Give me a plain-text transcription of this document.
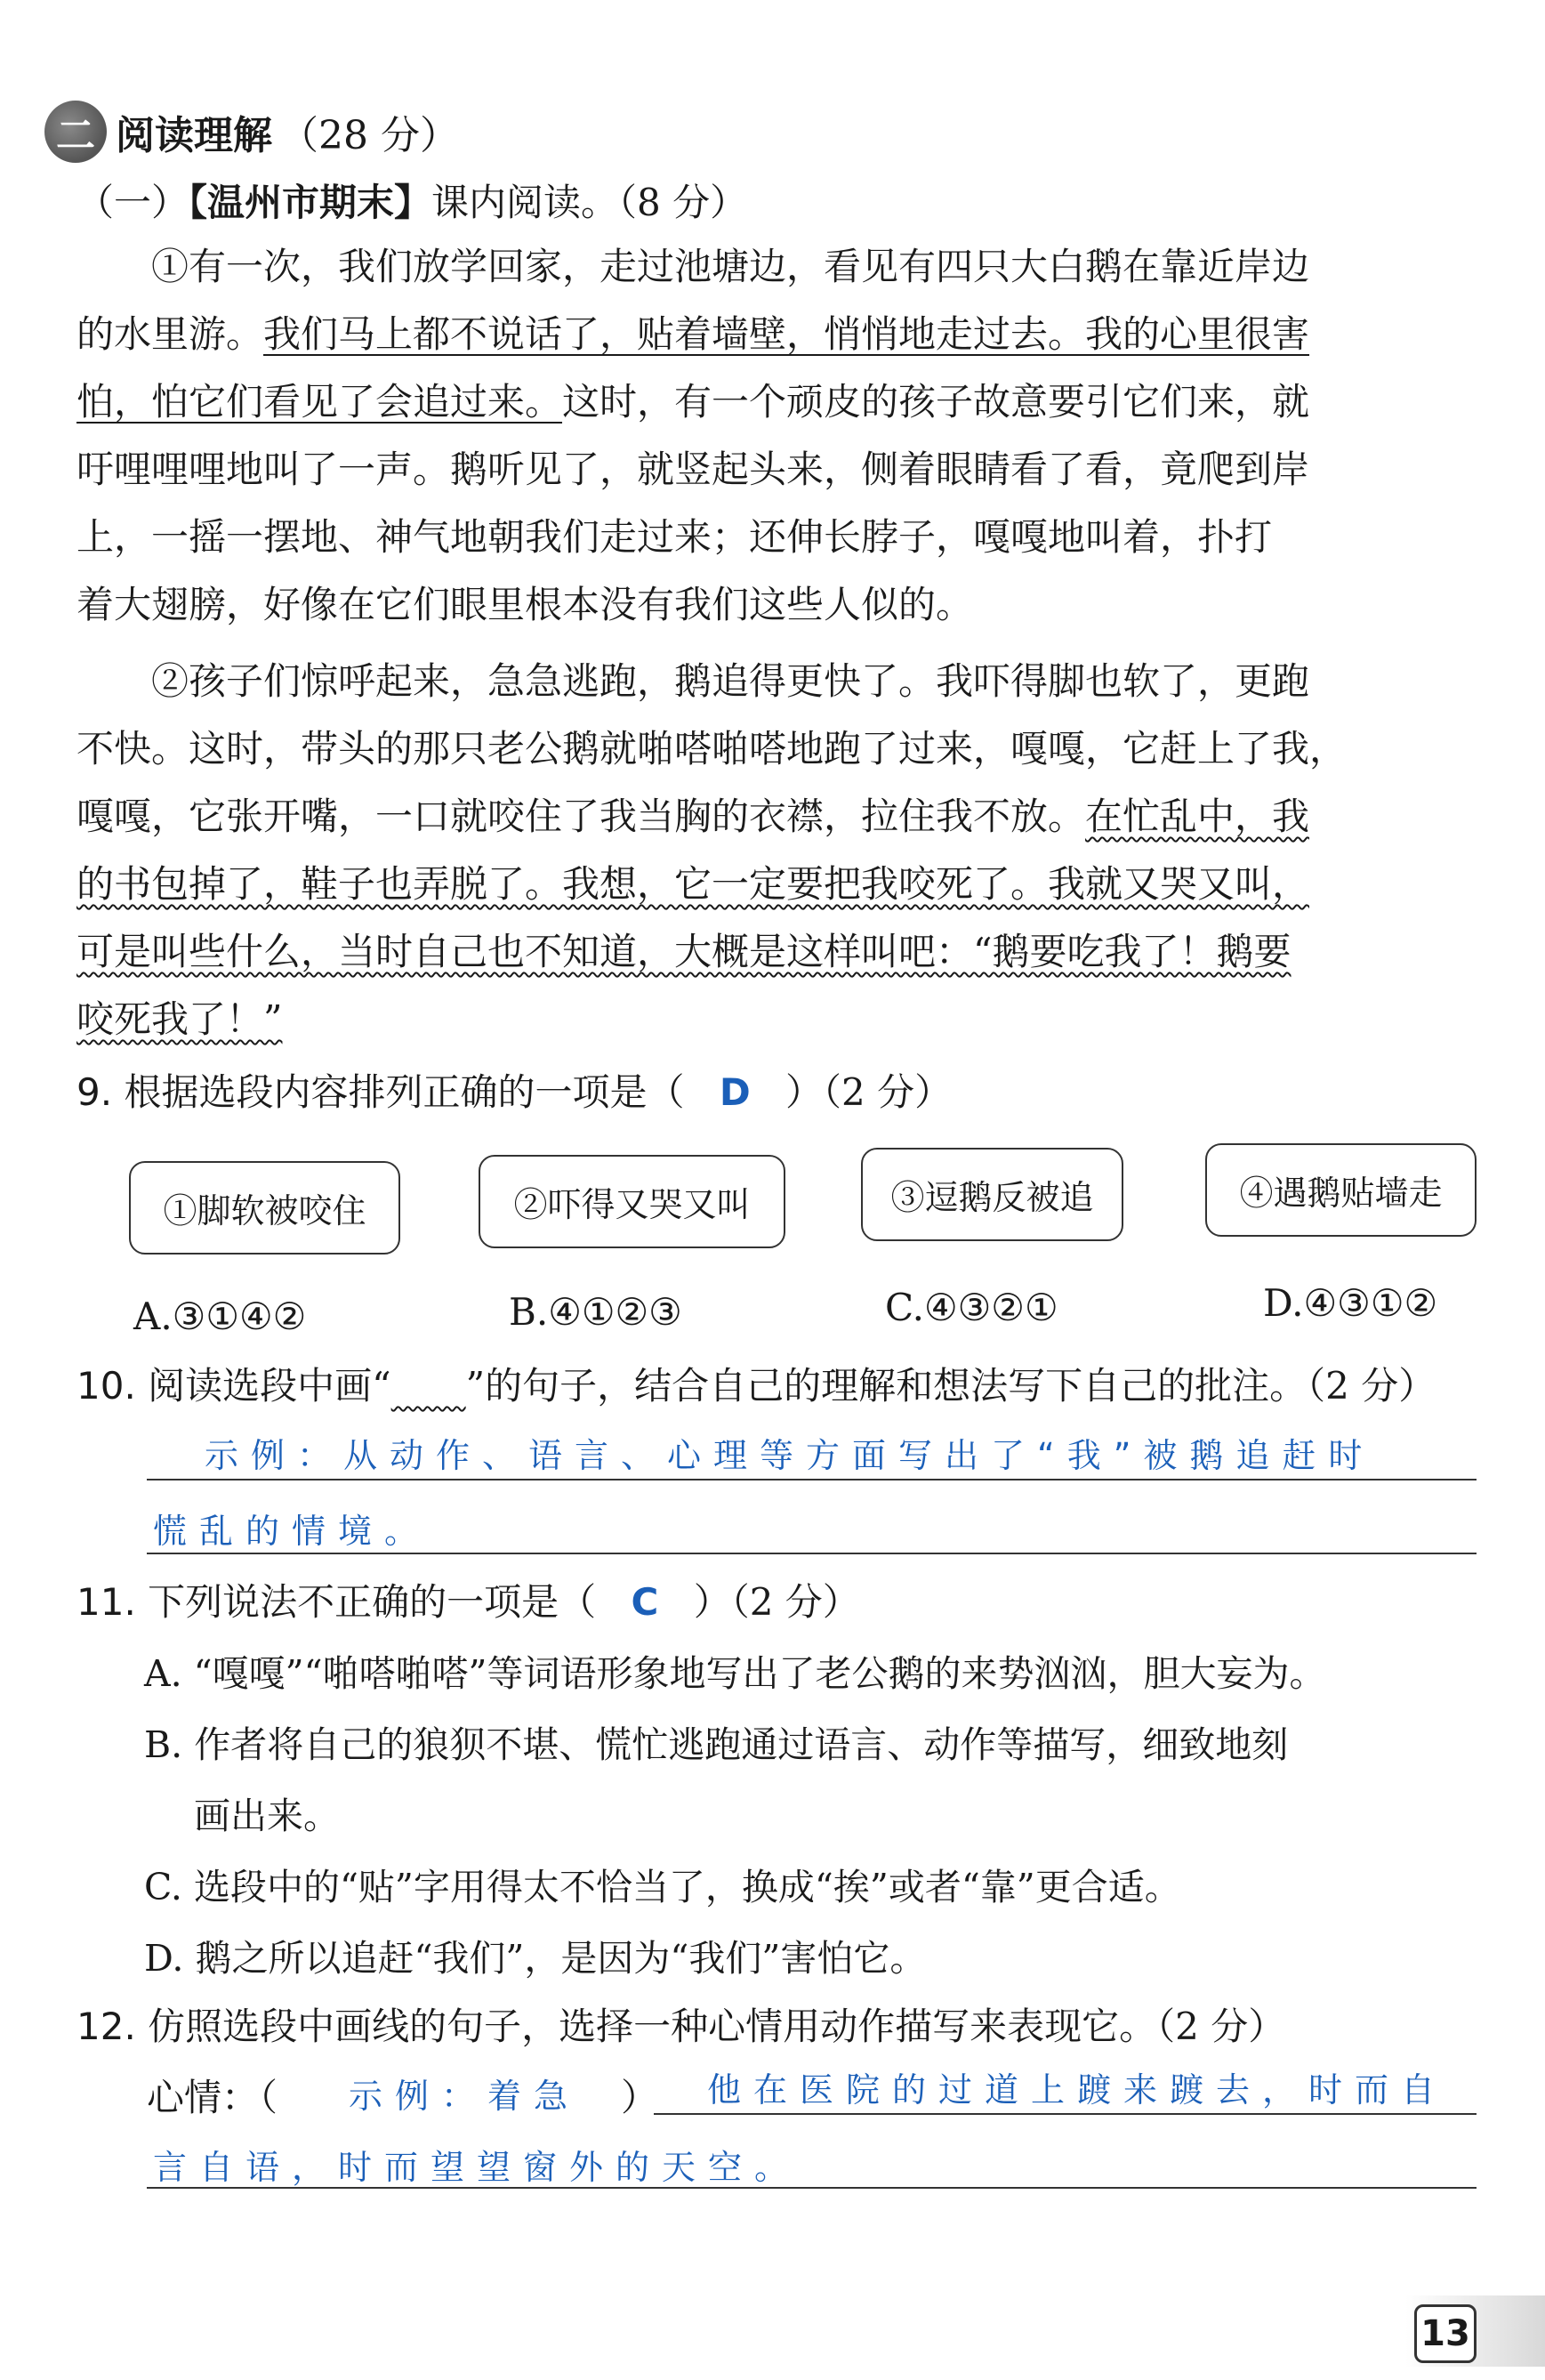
二 阅读理解 （28 分）
（一）【温州市期末】课内阅读。（8 分）
①有一次，我们放学回家，走过池塘边，看见有四只大白鹅在靠近岸边
的水里游。我们马上都不说话了，贴着墙壁，悄悄地走过去。我的心里很害
怕，怕它们看见了会追过来。这时，有一个顽皮的孩子故意要引它们来，就
吁哩哩哩地叫了一声。鹅听见了，就竖起头来，侧着眼睛看了看，竟爬到岸
上，一摇一摆地、神气地朝我们走过来；还伸长脖子，嘎嘎地叫着，扑打
着大翅膀，好像在它们眼里根本没有我们这些人似的。
②孩子们惊呼起来，急急逃跑，鹅追得更快了。我吓得脚也软了，更跑
不快。这时，带头的那只老公鹅就啪嗒啪嗒地跑了过来，嘎嘎，它赶上了我，
嘎嘎，它张开嘴，一口就咬住了我当胸的衣襟，拉住我不放。在忙乱中，我
的书包掉了，鞋子也弄脱了。我想，它一定要把我咬死了。我就又哭又叫，
可是叫些什么，当时自己也不知道，大概是这样叫吧：“鹅要吃我了！鹅要
咬死我了！”
9. 根据选段内容排列正确的一项是（ D ）（2 分）
①脚软被咬住	②吓得又哭又叫	③逗鹅反被追	④遇鹅贴墙走
A.③①④②	B.④①②③	C.④③②①	D.④③①②
10. 阅读选段中画“　　 ”的句子，结合自己的理解和想法写下自己的批注。（2 分）
示例：从动作、语言、心理等方面写出了“我”被鹅追赶时
慌乱的情境。
11. 下列说法不正确的一项是（ C ）（2 分）
A. “嘎嘎”“啪嗒啪嗒”等词语形象地写出了老公鹅的来势汹汹，胆大妄为。
B. 作者将自己的狼狈不堪、慌忙逃跑通过语言、动作等描写，细致地刻
画出来。
C. 选段中的“贴”字用得太不恰当了，换成“挨”或者“靠”更合适。
D. 鹅之所以追赶“我们”，是因为“我们”害怕它。
12. 仿照选段中画线的句子，选择一种心情用动作描写来表现它。（2 分）
心情：（ 示例：着急 ） 他在医院的过道上踱来踱去，时而自
言自语，时而望望窗外的天空。
13
